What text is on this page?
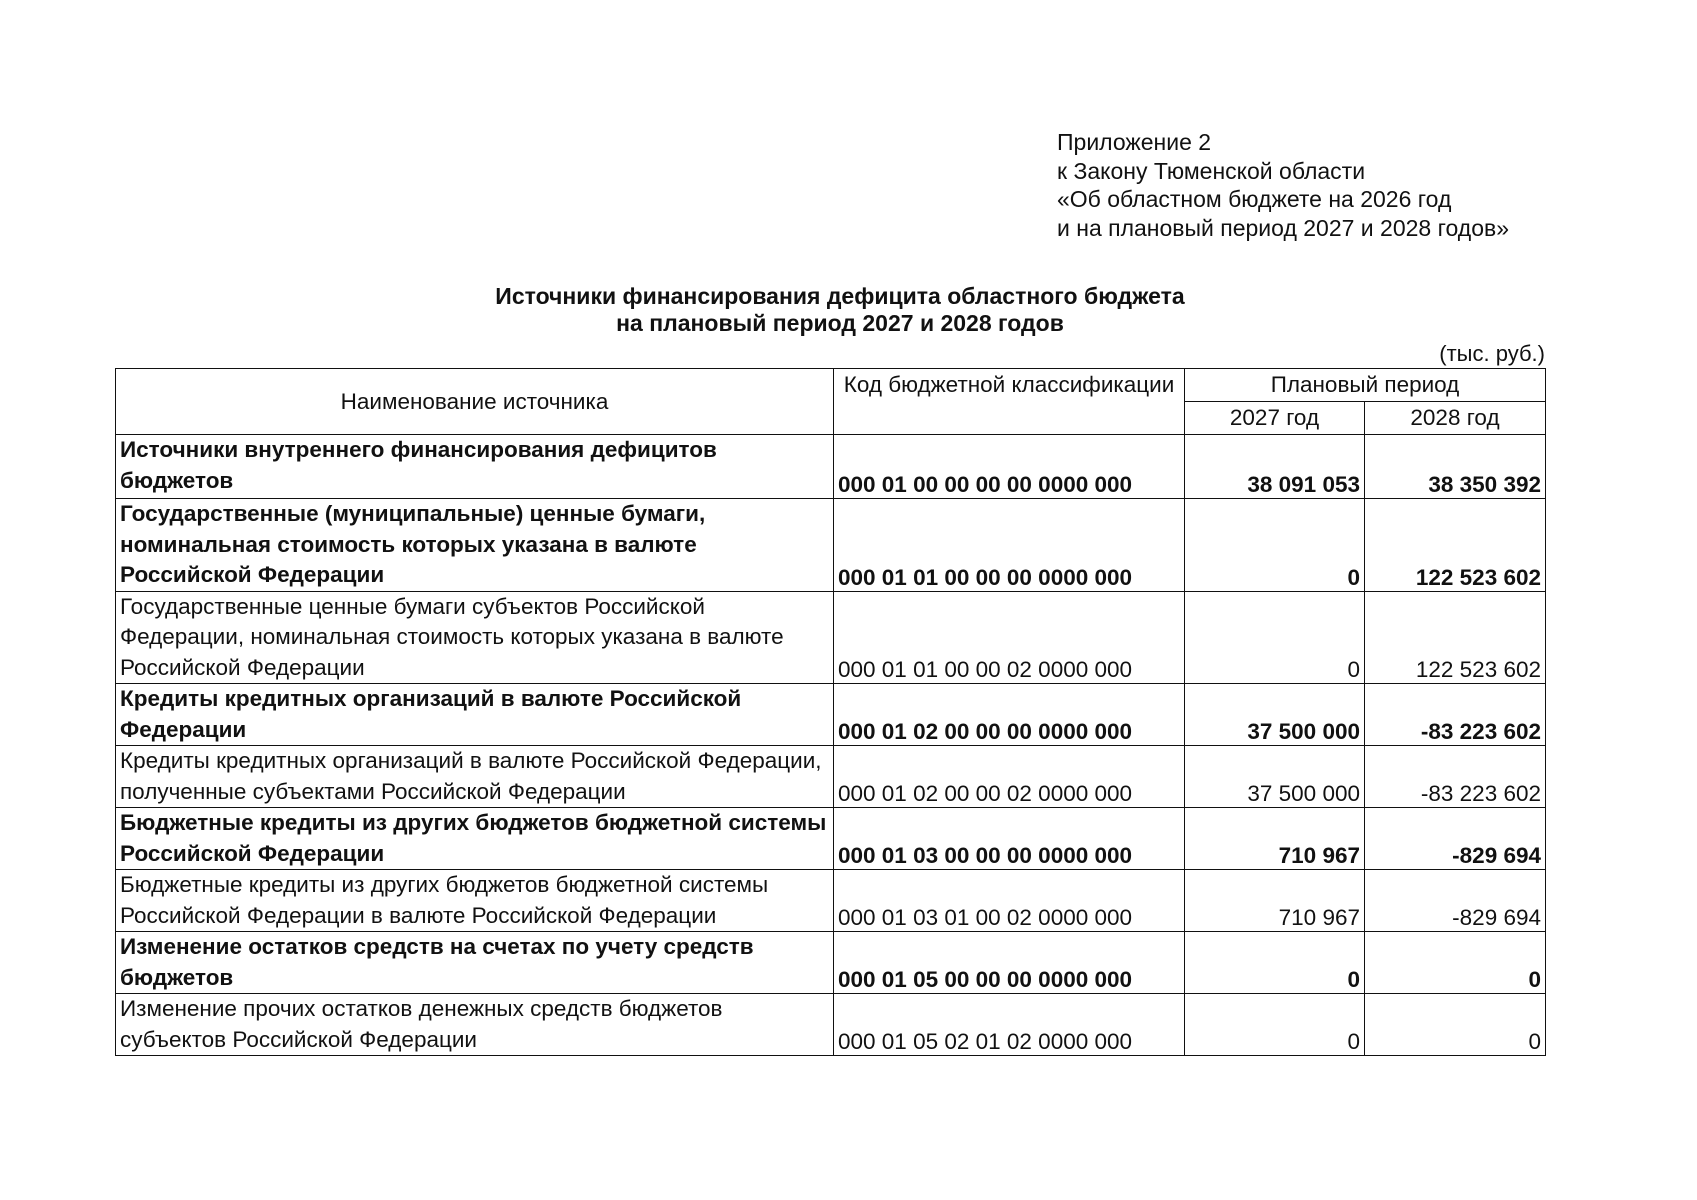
Приложение 2
к Закону Тюменской области
«Об областном бюджете на 2026 год
и на плановый период 2027 и 2028 годов»
Источники финансирования дефицита областного бюджета
на плановый период 2027 и 2028 годов
(тыс. руб.)
Наименование источника	Код бюджетной классификации	Плановый период	
		2027 год	2028 год
Источники внутреннего финансирования дефицитов бюджетов	000 01 00 00 00 00 0000 000	38 091 053	38 350 392
Государственные (муниципальные) ценные бумаги, номинальная стоимость которых указана в валюте Российской Федерации	000 01 01 00 00 00 0000 000	0	122 523 602
Государственные ценные бумаги субъектов Российской Федерации, номинальная стоимость которых указана в валюте Российской Федерации	000 01 01 00 00 02 0000 000	0	122 523 602
Кредиты кредитных организаций в валюте Российской Федерации	000 01 02 00 00 00 0000 000	37 500 000	-83 223 602
Кредиты кредитных организаций в валюте Российской Федерации, полученные субъектами Российской Федерации	000 01 02 00 00 02 0000 000	37 500 000	-83 223 602
Бюджетные кредиты из других бюджетов бюджетной системы Российской Федерации	000 01 03 00 00 00 0000 000	710 967	-829 694
Бюджетные кредиты из других бюджетов бюджетной системы Российской Федерации в валюте Российской Федерации	000 01 03 01 00 02 0000 000	710 967	-829 694
Изменение остатков средств на счетах по учету средств бюджетов	000 01 05 00 00 00 0000 000	0	0
Изменение прочих остатков денежных средств бюджетов субъектов Российской Федерации	000 01 05 02 01 02 0000 000	0	0
